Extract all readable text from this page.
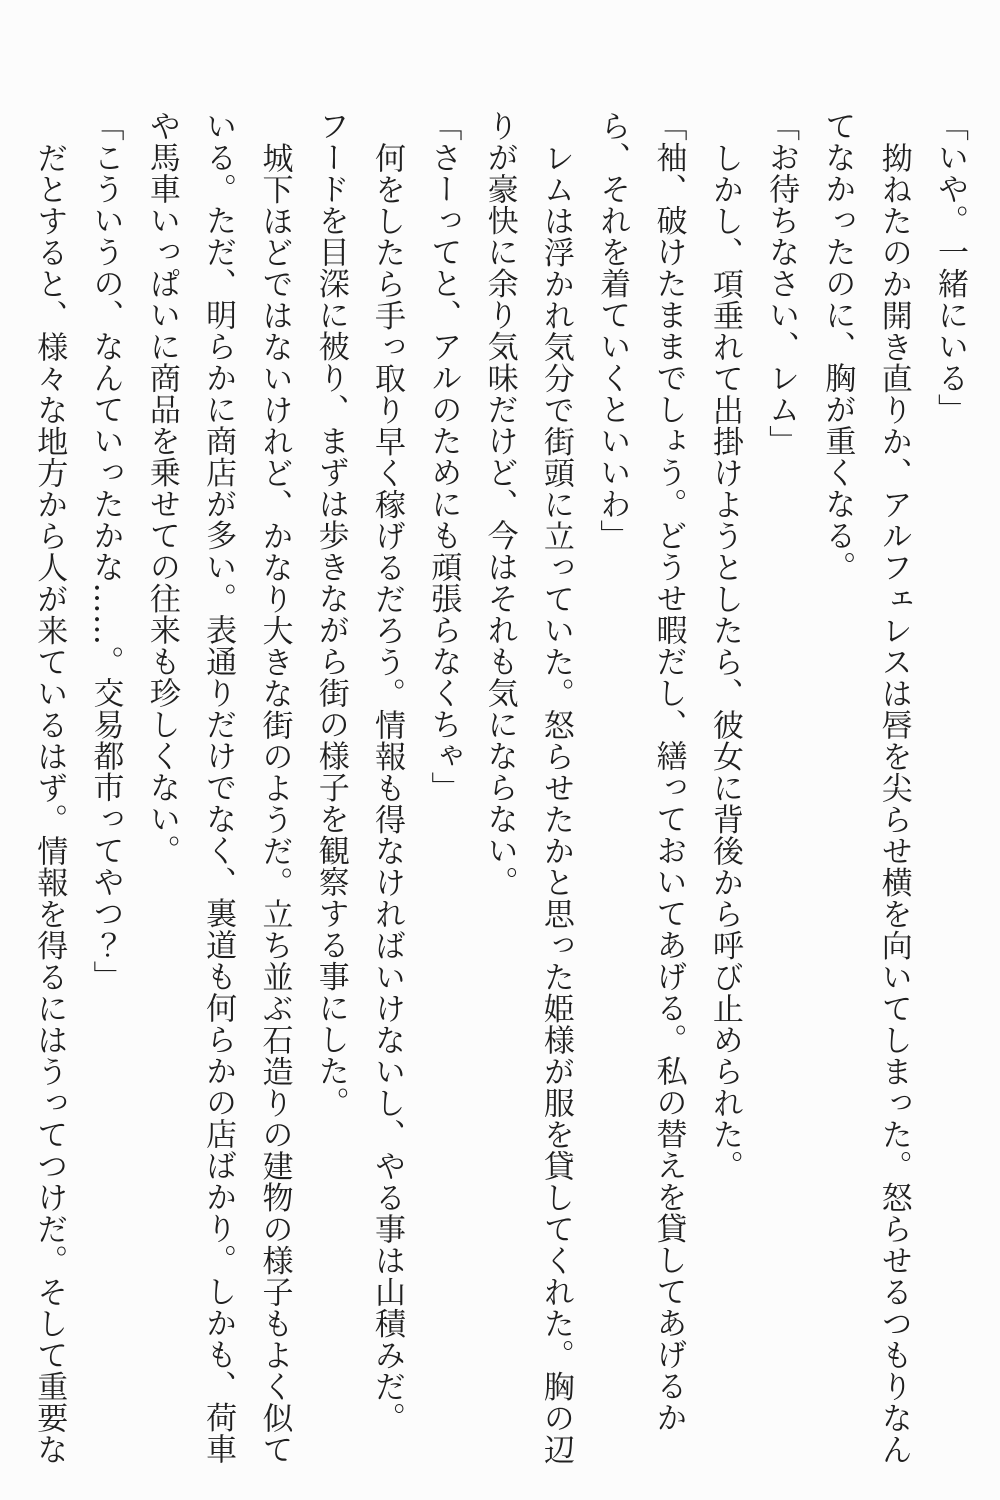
「いや。一緒にいる」

拗ねたのか開き直りか、アルフェレスは唇を尖らせ横を向いてしまった。怒らせるつもりなん
てなかったのに、胸が重くなる。

「お待ちなさい、レム」

しかし、項垂れて出掛けようとしたら、彼女に背後から呼び止められた。

「袖、破けたままでしょう。どうせ暇だし、繕っておいてあげる。私の替えを貸してあげるか
ら、それを着ていくといいわ」

レムは浮かれ気分で街頭に立っていた。怒らせたかと思った姫様が服を貸してくれた。胸の辺
りが豪快に余り気味だけど、今はそれも気にならない。

「さーってと、アルのためにも頑張らなくちゃ」

何をしたら手っ取り早く稼げるだろう。情報も得なければいけないし、やる事は山積みだ。

フードを目深に被り、まずは歩きながら街の様子を観察する事にした。

城下ほどではないけれど、かなり大きな街のようだ。立ち並ぶ石造りの建物の様子もよく似て
いる。ただ、明らかに商店が多い。表通りだけでなく、裏道も何らかの店ばかり。しかも、荷車
や馬車いっぱいに商品を乗せての往来も珍しくない。

「こういうの、なんていったかな……。交易都市ってやつ？」

だとすると、様々な地方から人が来ているはず。情報を得るにはうってつけだ。そして重要な
